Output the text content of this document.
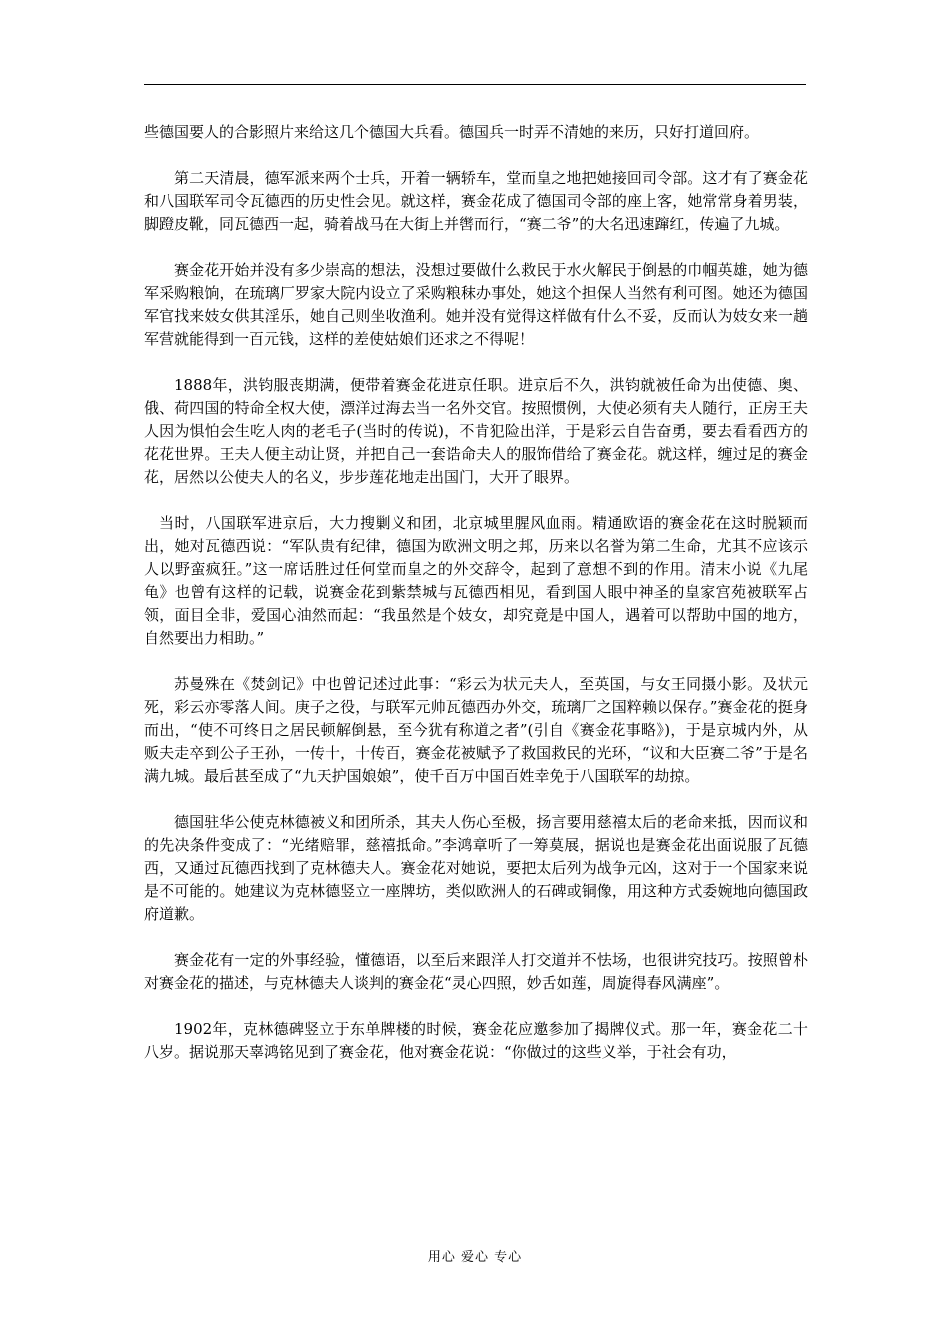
些德国要人的合影照片来给这几个德国大兵看。德国兵一时弄不清她的来历，只好打道回府。

第二天清晨，德军派来两个士兵，开着一辆轿车，堂而皇之地把她接回司令部。这才有了赛金花和八国联军司令瓦德西的历史性会见。就这样，赛金花成了德国司令部的座上客，她常常身着男装，脚蹬皮靴，同瓦德西一起，骑着战马在大街上并辔而行，“赛二爷”的大名迅速蹿红，传遍了九城。

赛金花开始并没有多少崇高的想法，没想过要做什么救民于水火解民于倒悬的巾帼英雄，她为德军采购粮饷，在琉璃厂罗家大院内设立了采购粮秣办事处，她这个担保人当然有利可图。她还为德国军官找来妓女供其淫乐，她自己则坐收渔利。她并没有觉得这样做有什么不妥，反而认为妓女来一趟军营就能得到一百元钱，这样的差使姑娘们还求之不得呢！

1888年，洪钧服丧期满，便带着赛金花进京任职。进京后不久，洪钧就被任命为出使德、奥、俄、荷四国的特命全权大使，漂洋过海去当一名外交官。按照惯例，大使必须有夫人随行，正房王夫人因为惧怕会生吃人肉的老毛子(当时的传说)，不肯犯险出洋，于是彩云自告奋勇，要去看看西方的花花世界。王夫人便主动让贤，并把自己一套诰命夫人的服饰借给了赛金花。就这样，缠过足的赛金花，居然以公使夫人的名义，步步莲花地走出国门，大开了眼界。

当时，八国联军进京后，大力搜剿义和团，北京城里腥风血雨。精通欧语的赛金花在这时脱颖而出，她对瓦德西说：“军队贵有纪律，德国为欧洲文明之邦，历来以名誉为第二生命，尤其不应该示人以野蛮疯狂。”这一席话胜过任何堂而皇之的外交辞令，起到了意想不到的作用。清末小说《九尾龟》也曾有这样的记载，说赛金花到紫禁城与瓦德西相见，看到国人眼中神圣的皇家宫苑被联军占领，面目全非，爱国心油然而起：“我虽然是个妓女，却究竟是中国人，遇着可以帮助中国的地方，自然要出力相助。”

苏曼殊在《焚剑记》中也曾记述过此事：“彩云为状元夫人，至英国，与女王同摄小影。及状元死，彩云亦零落人间。庚子之役，与联军元帅瓦德西办外交，琉璃厂之国粹赖以保存。”赛金花的挺身而出，“使不可终日之居民顿解倒悬，至今犹有称道之者”(引自《赛金花事略》)，于是京城内外，从贩夫走卒到公子王孙，一传十，十传百，赛金花被赋予了救国救民的光环，“议和大臣赛二爷”于是名满九城。最后甚至成了“九天护国娘娘”，使千百万中国百姓幸免于八国联军的劫掠。

德国驻华公使克林德被义和团所杀，其夫人伤心至极，扬言要用慈禧太后的老命来抵，因而议和的先决条件变成了：“光绪赔罪，慈禧抵命。”李鸿章听了一筹莫展，据说也是赛金花出面说服了瓦德西，又通过瓦德西找到了克林德夫人。赛金花对她说，要把太后列为战争元凶，这对于一个国家来说是不可能的。她建议为克林德竖立一座牌坊，类似欧洲人的石碑或铜像，用这种方式委婉地向德国政府道歉。

赛金花有一定的外事经验，懂德语，以至后来跟洋人打交道并不怯场，也很讲究技巧。按照曾朴对赛金花的描述，与克林德夫人谈判的赛金花“灵心四照，妙舌如莲，周旋得春风满座”。

1902年，克林德碑竖立于东单牌楼的时候，赛金花应邀参加了揭牌仪式。那一年，赛金花二十八岁。据说那天辜鸿铭见到了赛金花，他对赛金花说：“你做过的这些义举，于社会有功，

用心 爱心 专心
